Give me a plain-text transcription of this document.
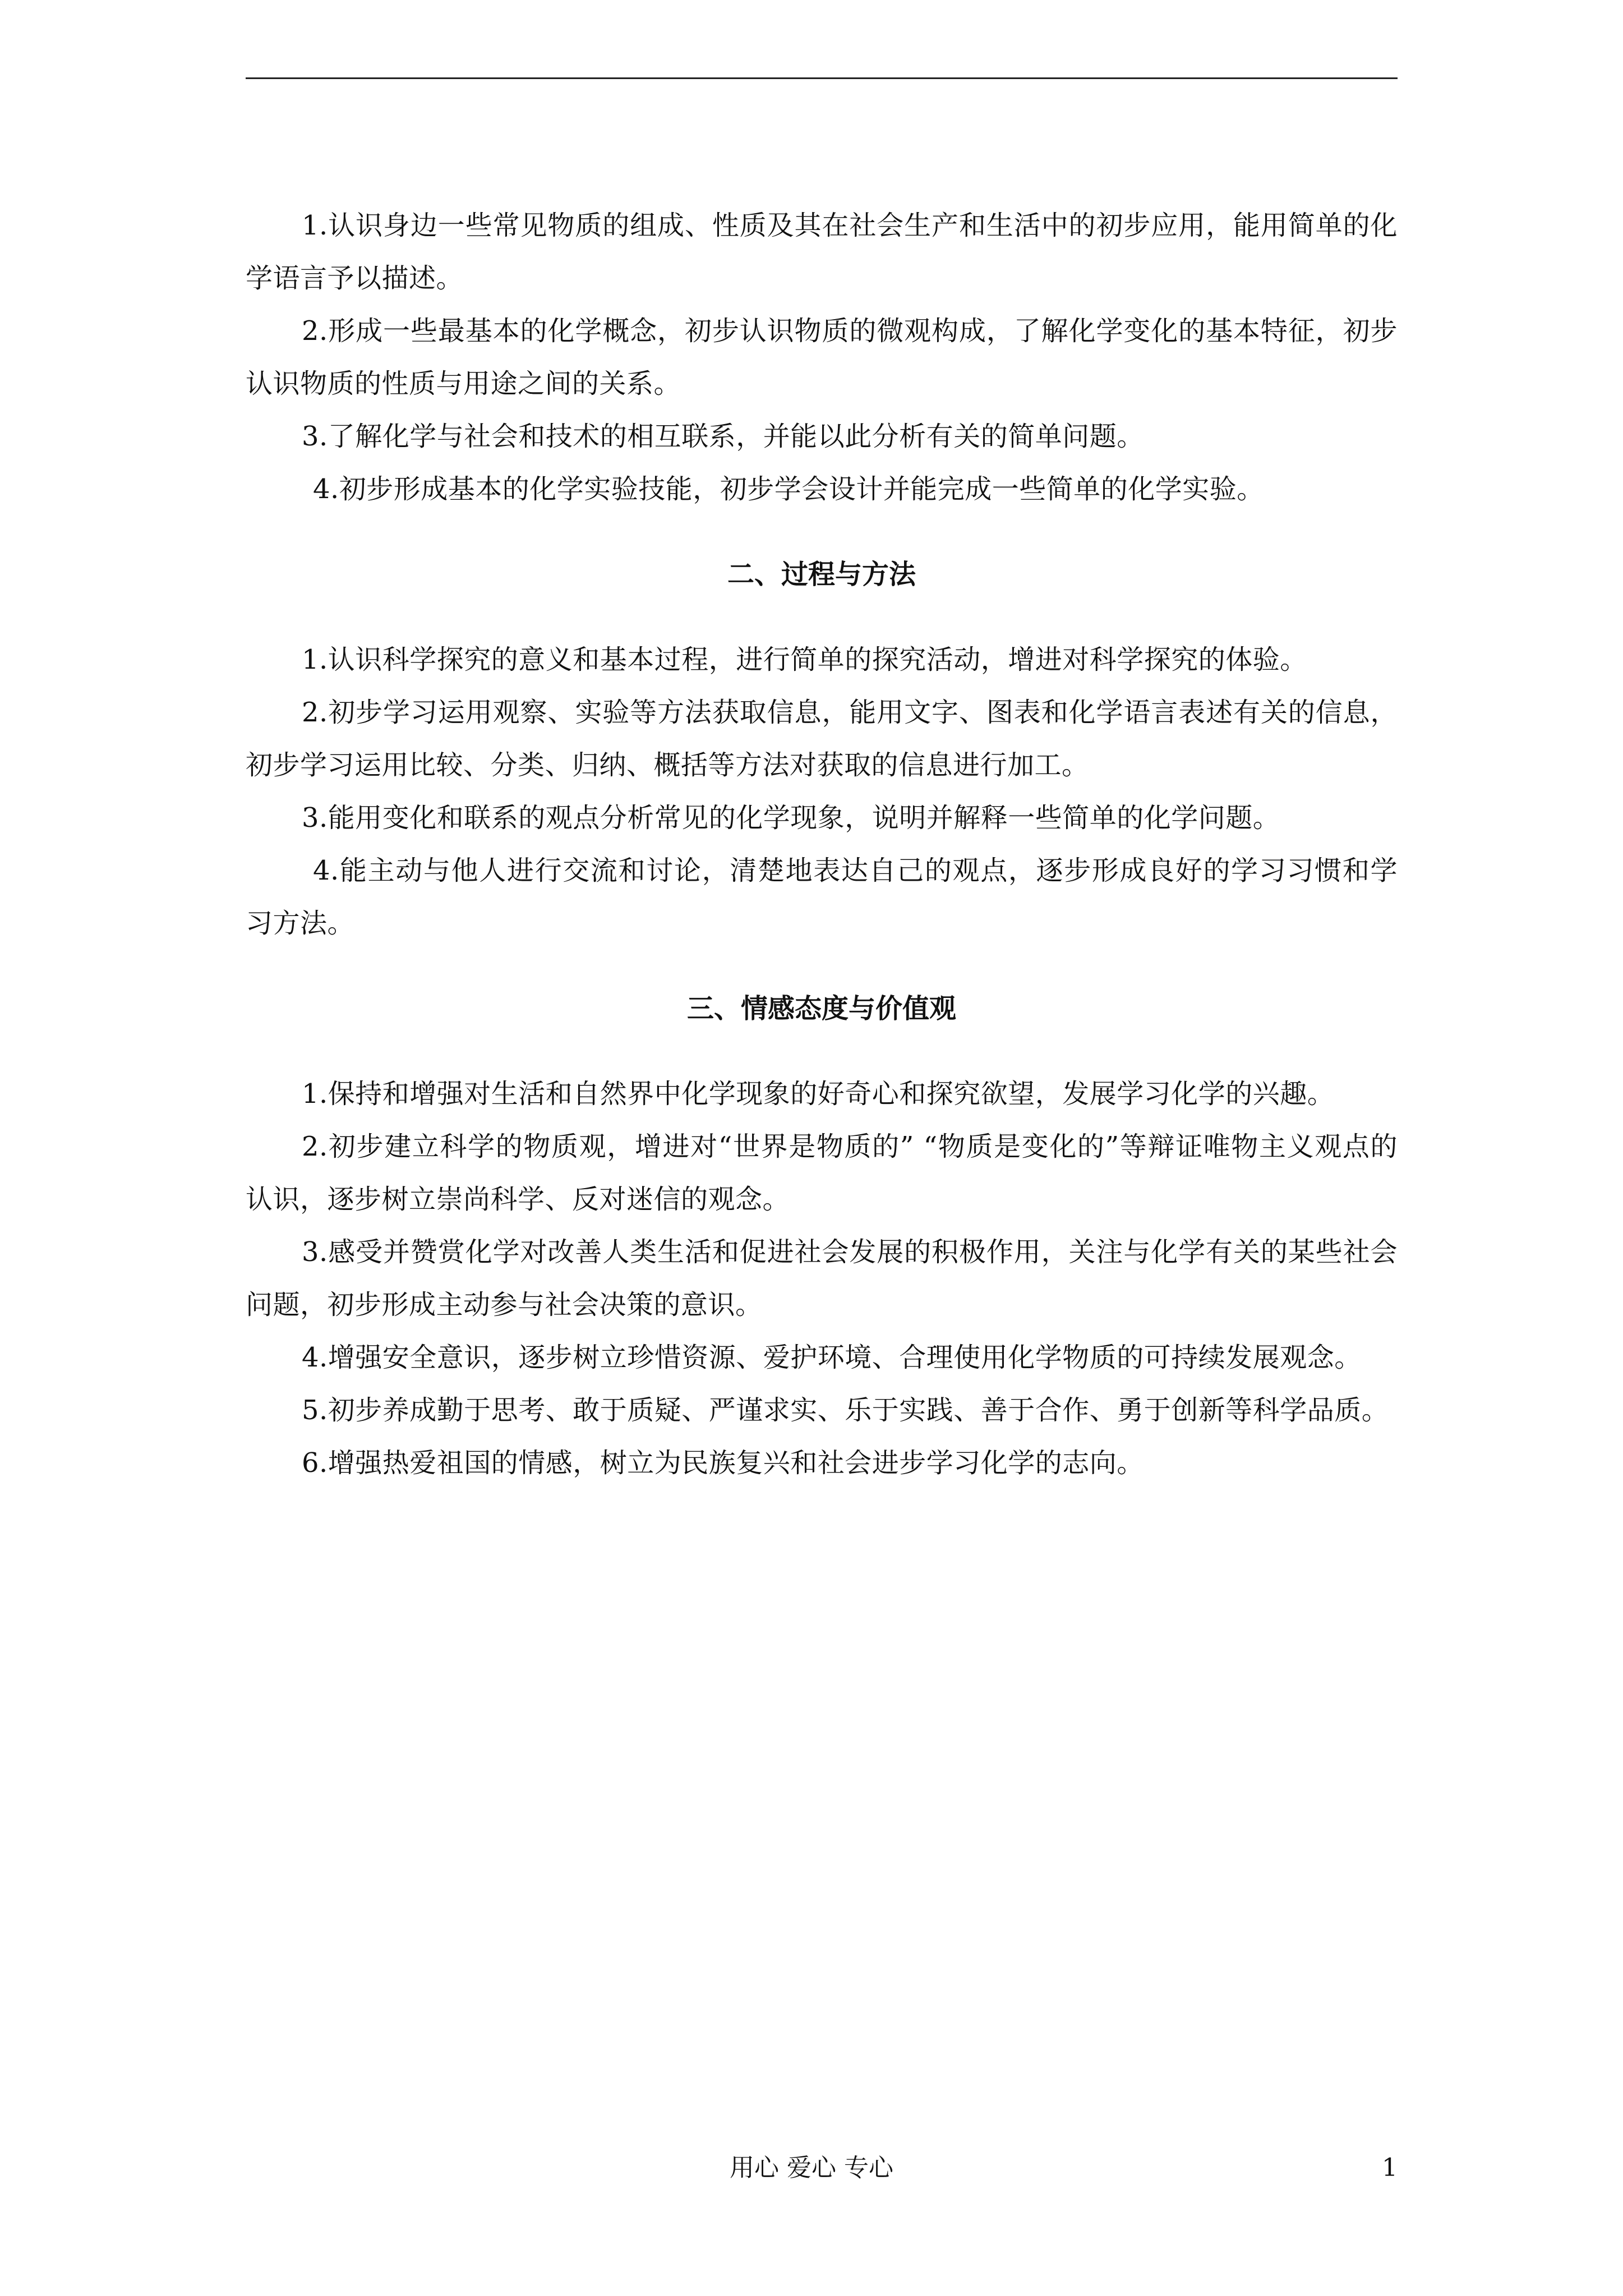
1.认识身边一些常见物质的组成、性质及其在社会生产和生活中的初步应用，能用简单的化学语言予以描述。

2.形成一些最基本的化学概念，初步认识物质的微观构成，了解化学变化的基本特征，初步认识物质的性质与用途之间的关系。

3.了解化学与社会和技术的相互联系，并能以此分析有关的简单问题。

4.初步形成基本的化学实验技能，初步学会设计并能完成一些简单的化学实验。

二、过程与方法

1.认识科学探究的意义和基本过程，进行简单的探究活动，增进对科学探究的体验。

2.初步学习运用观察、实验等方法获取信息，能用文字、图表和化学语言表述有关的信息，初步学习运用比较、分类、归纳、概括等方法对获取的信息进行加工。

3.能用变化和联系的观点分析常见的化学现象，说明并解释一些简单的化学问题。

4.能主动与他人进行交流和讨论，清楚地表达自己的观点，逐步形成良好的学习习惯和学习方法。

三、情感态度与价值观

1.保持和增强对生活和自然界中化学现象的好奇心和探究欲望，发展学习化学的兴趣。

2.初步建立科学的物质观，增进对“世界是物质的” “物质是变化的”等辩证唯物主义观点的认识，逐步树立崇尚科学、反对迷信的观念。

3.感受并赞赏化学对改善人类生活和促进社会发展的积极作用，关注与化学有关的某些社会问题，初步形成主动参与社会决策的意识。

4.增强安全意识，逐步树立珍惜资源、爱护环境、合理使用化学物质的可持续发展观念。

5.初步养成勤于思考、敢于质疑、严谨求实、乐于实践、善于合作、勇于创新等科学品质。

6.增强热爱祖国的情感，树立为民族复兴和社会进步学习化学的志向。

用心 爱心 专心	1
